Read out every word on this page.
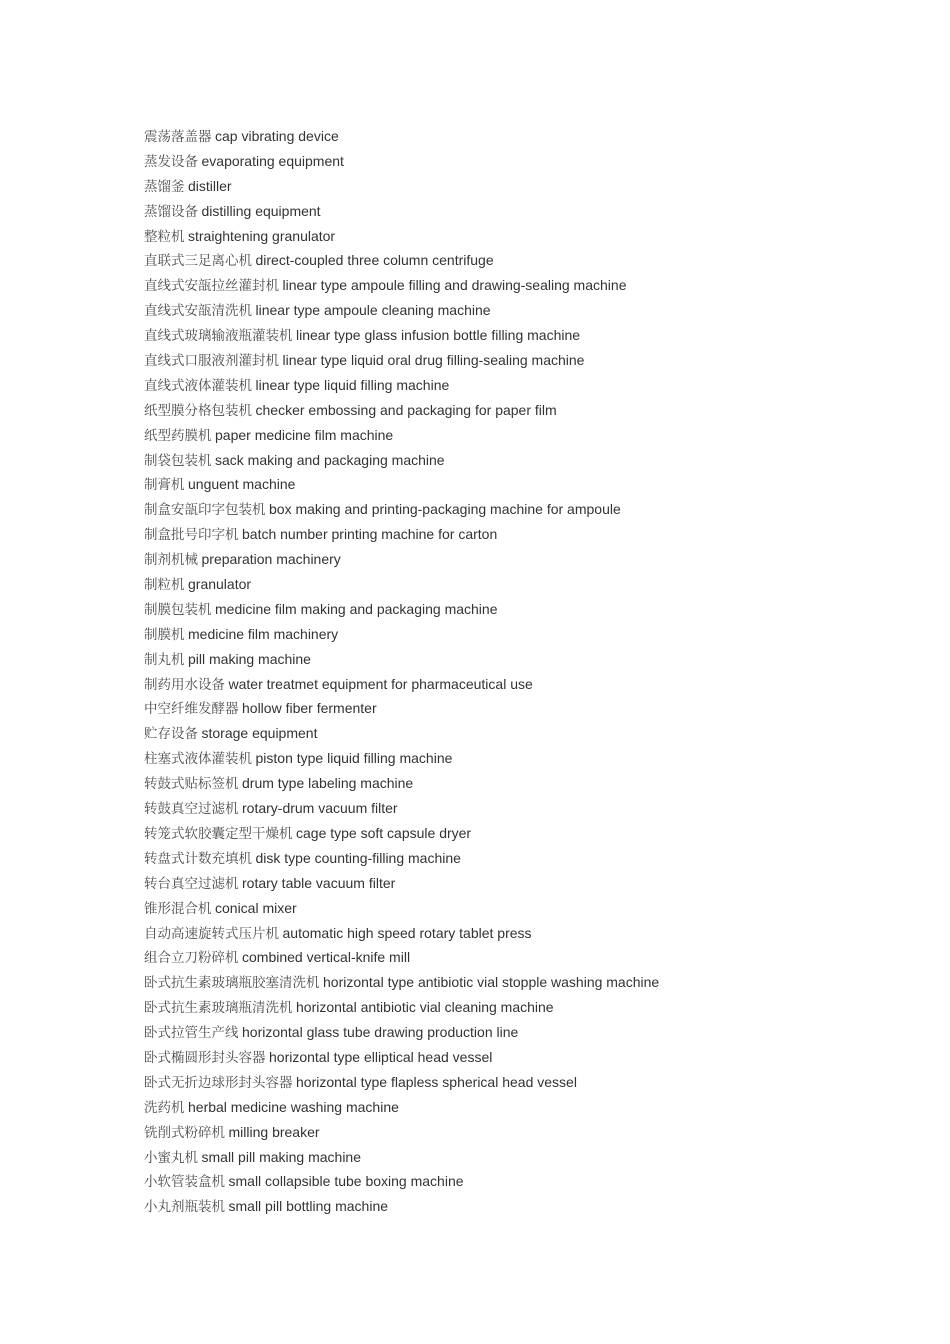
震荡落盖器 cap vibrating device
蒸发设备 evaporating equipment
蒸馏釜 distiller
蒸馏设备 distilling equipment
整粒机 straightening granulator
直联式三足离心机 direct-coupled three column centrifuge
直线式安瓿拉丝灌封机 linear type ampoule filling and drawing-sealing machine
直线式安瓿清洗机 linear type ampoule cleaning machine
直线式玻璃输液瓶灌装机 linear type glass infusion bottle filling machine
直线式口服液剂灌封机 linear type liquid oral drug filling-sealing machine
直线式液体灌装机 linear type liquid filling machine
纸型膜分格包装机 checker embossing and packaging for paper film
纸型药膜机 paper medicine film machine
制袋包装机 sack making and packaging machine
制膏机 unguent machine
制盒安瓿印字包装机 box making and printing-packaging machine for ampoule
制盒批号印字机 batch number printing machine for carton
制剂机械 preparation machinery
制粒机 granulator
制膜包装机 medicine film making and packaging machine
制膜机 medicine film machinery
制丸机 pill making machine
制药用水设备 water treatmet equipment for pharmaceutical use
中空纤维发酵器 hollow fiber fermenter
贮存设备 storage equipment
柱塞式液体灌装机 piston type liquid filling machine
转鼓式贴标签机 drum type labeling machine
转鼓真空过滤机 rotary-drum vacuum filter
转笼式软胶囊定型干燥机 cage type soft capsule dryer
转盘式计数充填机 disk type counting-filling machine
转台真空过滤机 rotary table vacuum filter
锥形混合机 conical mixer
自动高速旋转式压片机 automatic high speed rotary tablet press
组合立刀粉碎机 combined vertical-knife mill
卧式抗生素玻璃瓶胶塞清洗机 horizontal type antibiotic vial stopple washing machine
卧式抗生素玻璃瓶清洗机 horizontal antibiotic vial cleaning machine
卧式拉管生产线 horizontal glass tube drawing production line
卧式椭圆形封头容器 horizontal type elliptical head vessel
卧式无折边球形封头容器 horizontal type flapless spherical head vessel
洗药机 herbal medicine washing machine
铣削式粉碎机 milling breaker
小蜜丸机 small pill making machine
小软管装盒机 small collapsible tube boxing machine
小丸剂瓶装机 small pill bottling machine
